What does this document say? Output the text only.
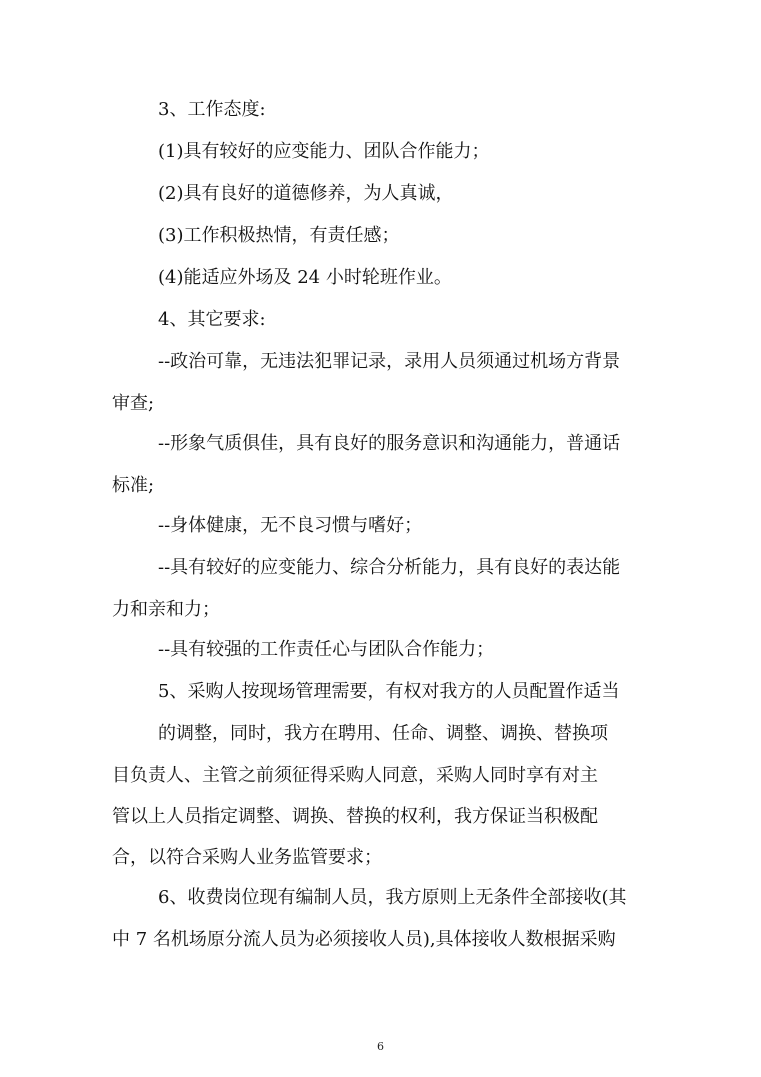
3、工作态度:
(1)具有较好的应变能力、团队合作能力；
(2)具有良好的道德修养，为人真诚，
(3)工作积极热情，有责任感；
(4)能适应外场及 24 小时轮班作业。
4、其它要求:
--政治可靠，无违法犯罪记录，录用人员须通过机场方背景
审查;
--形象气质俱佳，具有良好的服务意识和沟通能力，普通话
标准;
--身体健康，无不良习惯与嗜好；
--具有较好的应变能力、综合分析能力，具有良好的表达能
力和亲和力；
--具有较强的工作责任心与团队合作能力；
5、采购人按现场管理需要，有权对我方的人员配置作适当
的调整，同时，我方在聘用、任命、调整、调换、替换项
目负责人、主管之前须征得采购人同意，采购人同时享有对主
管以上人员指定调整、调换、替换的权利，我方保证当积极配
合，以符合采购人业务监管要求；
6、收费岗位现有编制人员，我方原则上无条件全部接收(其
中 7 名机场原分流人员为必须接收人员),具体接收人数根据采购
6
